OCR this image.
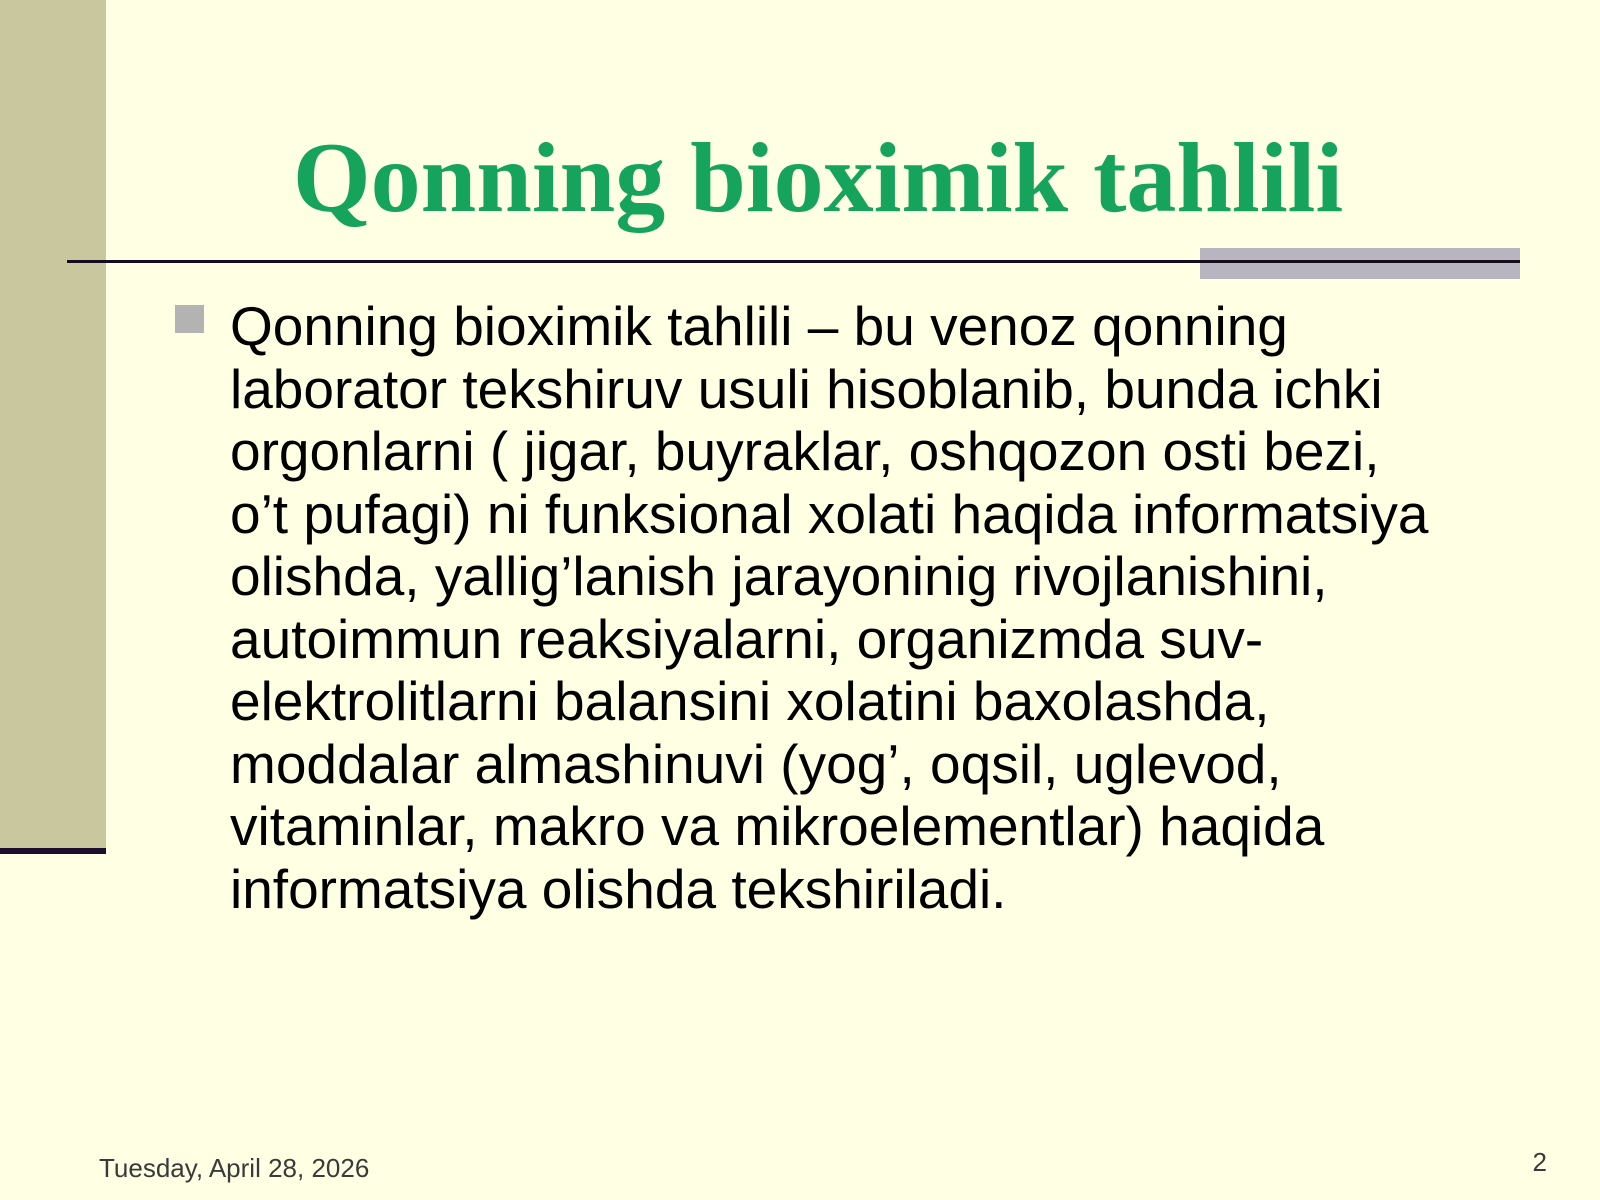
Qonning bioximik tahlili

Qonning bioximik tahlili – bu venoz qonning
laborator tekshiruv usuli hisoblanib, bunda ichki
orgonlarni ( jigar, buyraklar, oshqozon osti bezi,
o’t pufagi) ni funksional xolati haqida informatsiya
olishda, yallig’lanish jarayoninig rivojlanishini,
autoimmun reaksiyalarni, organizmda suv-
elektrolitlarni balansini xolatini baxolashda,
moddalar almashinuvi (yog’, oqsil, uglevod,
vitaminlar, makro va mikroelementlar) haqida
informatsiya olishda tekshiriladi.

Tuesday, April 28, 2026	2
